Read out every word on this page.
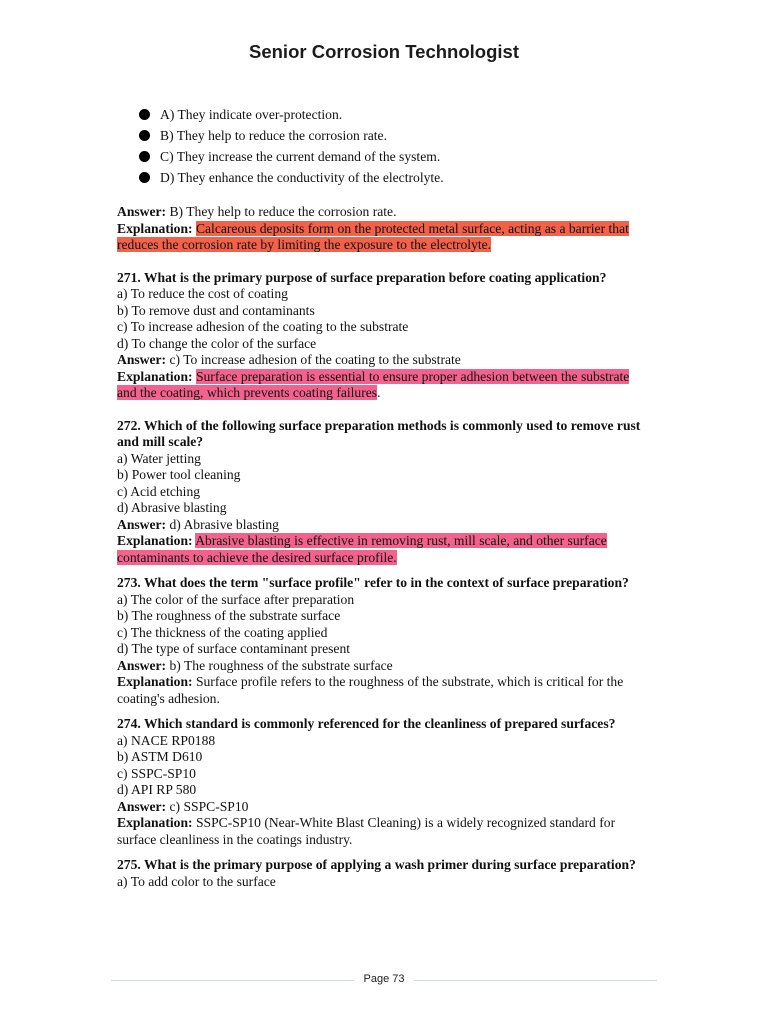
Senior Corrosion Technologist
A) They indicate over-protection.
B) They help to reduce the corrosion rate.
C) They increase the current demand of the system.
D) They enhance the conductivity of the electrolyte.

Answer: B) They help to reduce the corrosion rate.

Explanation: Calcareous deposits form on the protected metal surface, acting as a barrier that reduces the corrosion rate by limiting the exposure to the electrolyte.

271. What is the primary purpose of surface preparation before coating application?

a) To reduce the cost of coating

b) To remove dust and contaminants

c) To increase adhesion of the coating to the substrate

d) To change the color of the surface

Answer: c) To increase adhesion of the coating to the substrate

Explanation: Surface preparation is essential to ensure proper adhesion between the substrate and the coating, which prevents coating failures.

272. Which of the following surface preparation methods is commonly used to remove rust and mill scale?

a) Water jetting

b) Power tool cleaning

c) Acid etching

d) Abrasive blasting

Answer: d) Abrasive blasting

Explanation: Abrasive blasting is effective in removing rust, mill scale, and other surface contaminants to achieve the desired surface profile.

273. What does the term "surface profile" refer to in the context of surface preparation?

a) The color of the surface after preparation

b) The roughness of the substrate surface

c) The thickness of the coating applied

d) The type of surface contaminant present

Answer: b) The roughness of the substrate surface

Explanation: Surface profile refers to the roughness of the substrate, which is critical for the coating's adhesion.

274. Which standard is commonly referenced for the cleanliness of prepared surfaces?

a) NACE RP0188

b) ASTM D610

c) SSPC-SP10

d) API RP 580

Answer: c) SSPC-SP10

Explanation: SSPC-SP10 (Near-White Blast Cleaning) is a widely recognized standard for surface cleanliness in the coatings industry.

275. What is the primary purpose of applying a wash primer during surface preparation?

a) To add color to the surface

Page 73
